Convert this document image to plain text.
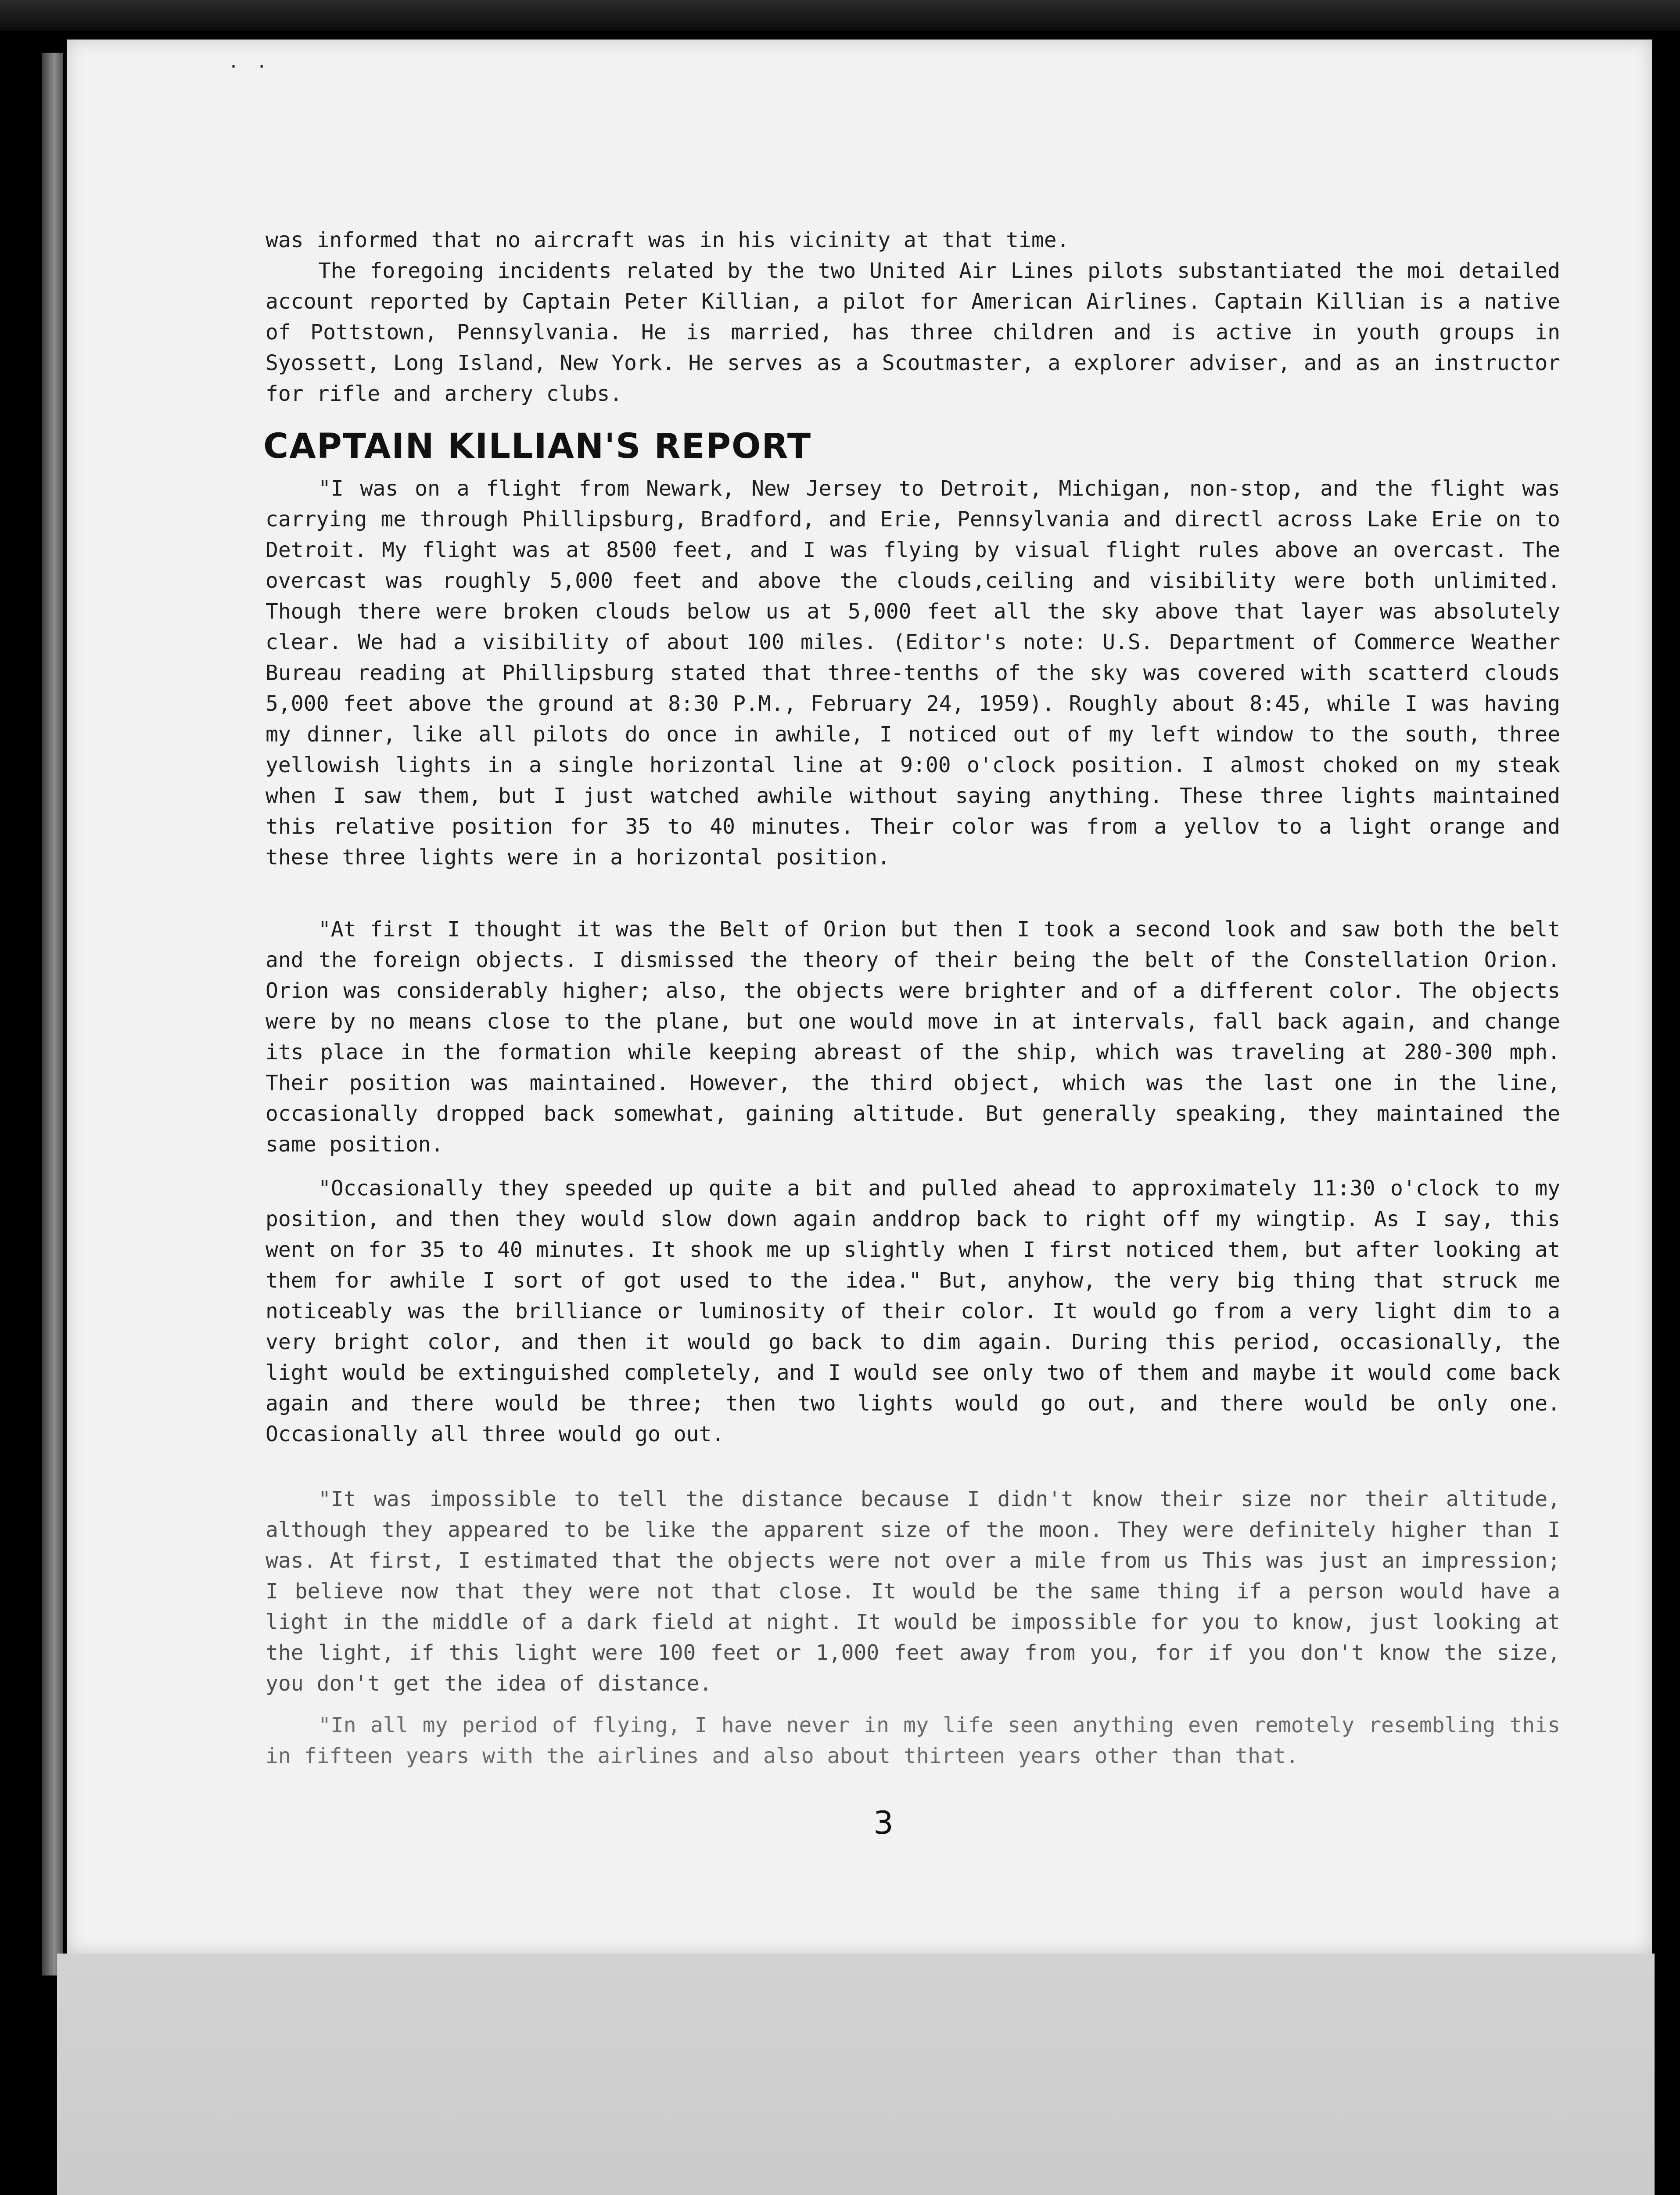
. .

was informed that no aircraft was in his vicinity at that time.

The foregoing incidents related by the two United Air Lines pilots substantiated the moi detailed account reported by Captain Peter Killian, a pilot for American Airlines. Captain Killian is a native of Pottstown, Pennsylvania. He is married, has three children and is active in youth groups in Syossett, Long Island, New York. He serves as a Scoutmaster, a explorer adviser, and as an instructor for rifle and archery clubs.

CAPTAIN KILLIAN'S REPORT

"I was on a flight from Newark, New Jersey to Detroit, Michigan, non-stop, and the flight was carrying me through Phillipsburg, Bradford, and Erie, Pennsylvania and directl across Lake Erie on to Detroit. My flight was at 8500 feet, and I was flying by visual flight rules above an overcast. The overcast was roughly 5,000 feet and above the clouds,ceiling and visibility were both unlimited. Though there were broken clouds below us at 5,000 feet all the sky above that layer was absolutely clear. We had a visibility of about 100 miles. (Editor's note: U.S. Department of Commerce Weather Bureau reading at Phillipsburg stated that three-tenths of the sky was covered with scatterd clouds 5,000 feet above the ground at 8:30 P.M., February 24, 1959). Roughly about 8:45, while I was having my dinner, like all pilots do once in awhile, I noticed out of my left window to the south, three yellowish lights in a single horizontal line at 9:00 o'clock position. I almost choked on my steak when I saw them, but I just watched awhile without saying anything. These three lights maintained this relative position for 35 to 40 minutes. Their color was from a yellov to a light orange and these three lights were in a horizontal position.

"At first I thought it was the Belt of Orion but then I took a second look and saw both the belt and the foreign objects. I dismissed the theory of their being the belt of the Constellation Orion. Orion was considerably higher; also, the objects were brighter and of a different color. The objects were by no means close to the plane, but one would move in at intervals, fall back again, and change its place in the formation while keeping abreast of the ship, which was traveling at 280-300 mph. Their position was maintained. However, the third object, which was the last one in the line, occasionally dropped back somewhat, gaining altitude. But generally speaking, they maintained the same position.

"Occasionally they speeded up quite a bit and pulled ahead to approximately 11:30 o'clock to my position, and then they would slow down again anddrop back to right off my wingtip. As I say, this went on for 35 to 40 minutes. It shook me up slightly when I first noticed them, but after looking at them for awhile I sort of got used to the idea." But, anyhow, the very big thing that struck me noticeably was the brilliance or luminosity of their color. It would go from a very light dim to a very bright color, and then it would go back to dim again. During this period, occasionally, the light would be extinguished completely, and I would see only two of them and maybe it would come back again and there would be three; then two lights would go out, and there would be only one. Occasionally all three would go out.

"It was impossible to tell the distance because I didn't know their size nor their altitude, although they appeared to be like the apparent size of the moon. They were definitely higher than I was. At first, I estimated that the objects were not over a mile from us This was just an impression; I believe now that they were not that close. It would be the same thing if a person would have a light in the middle of a dark field at night. It would be impossible for you to know, just looking at the light, if this light were 100 feet or 1,000 feet away from you, for if you don't know the size, you don't get the idea of distance.

"In all my period of flying, I have never in my life seen anything even remotely resembling this in fifteen years with the airlines and also about thirteen years other than that.

3
